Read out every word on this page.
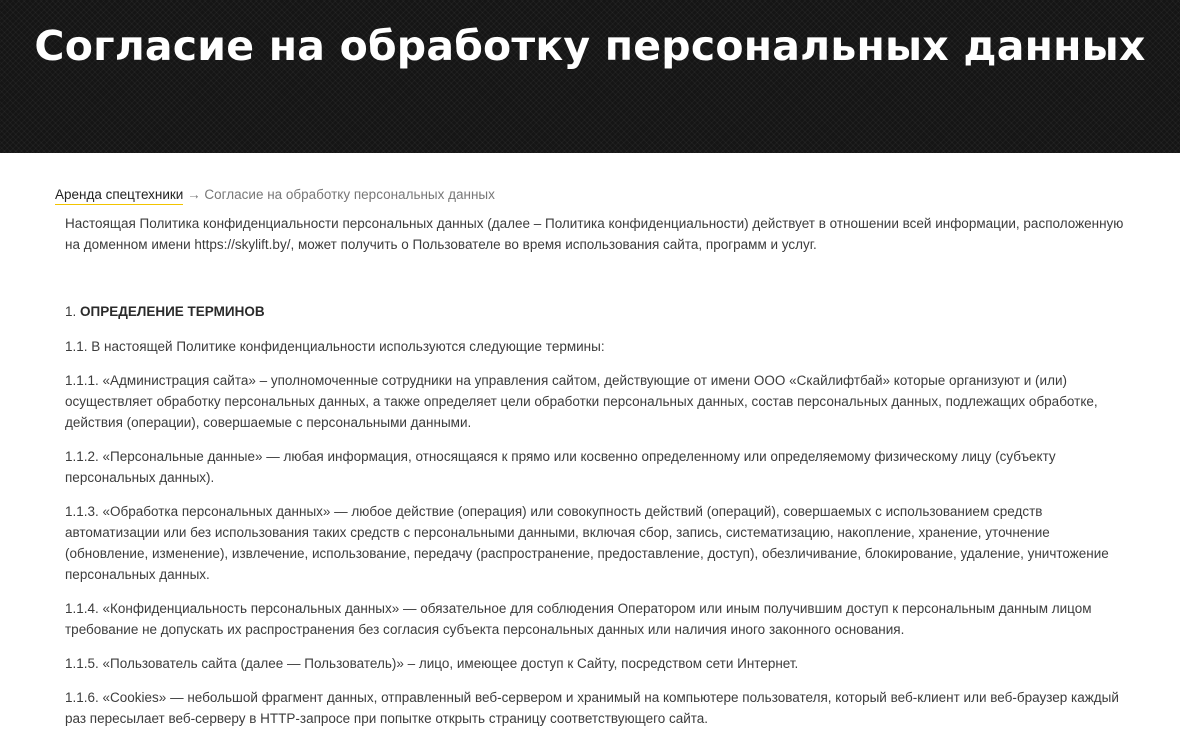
Согласие на обработку персональных данных
Аренда спецтехники → Согласие на обработку персональных данных

Настоящая Политика конфиденциальности персональных данных (далее – Политика конфиденциальности) действует в отношении всей информации, расположенную на доменном имени https://skylift.by/, может получить о Пользователе во время использования сайта, программ и услуг.

1. ОПРЕДЕЛЕНИЕ ТЕРМИНОВ

1.1. В настоящей Политике конфиденциальности используются следующие термины:

1.1.1. «Администрация сайта» – уполномоченные сотрудники на управления сайтом, действующие от имени ООО «Скайлифтбай» которые организуют и (или) осуществляет обработку персональных данных, а также определяет цели обработки персональных данных, состав персональных данных, подлежащих обработке, действия (операции), совершаемые с персональными данными.

1.1.2. «Персональные данные» — любая информация, относящаяся к прямо или косвенно определенному или определяемому физическому лицу (субъекту персональных данных).

1.1.3. «Обработка персональных данных» — любое действие (операция) или совокупность действий (операций), совершаемых с использованием средств автоматизации или без использования таких средств с персональными данными, включая сбор, запись, систематизацию, накопление, хранение, уточнение (обновление, изменение), извлечение, использование, передачу (распространение, предоставление, доступ), обезличивание, блокирование, удаление, уничтожение персональных данных.

1.1.4. «Конфиденциальность персональных данных» — обязательное для соблюдения Оператором или иным получившим доступ к персональным данным лицом требование не допускать их распространения без согласия субъекта персональных данных или наличия иного законного основания.

1.1.5. «Пользователь сайта (далее — Пользователь)» – лицо, имеющее доступ к Сайту, посредством сети Интернет.

1.1.6. «Cookies» — небольшой фрагмент данных, отправленный веб-сервером и хранимый на компьютере пользователя, который веб-клиент или веб-браузер каждый раз пересылает веб-серверу в HTTP-запросе при попытке открыть страницу соответствующего сайта.
